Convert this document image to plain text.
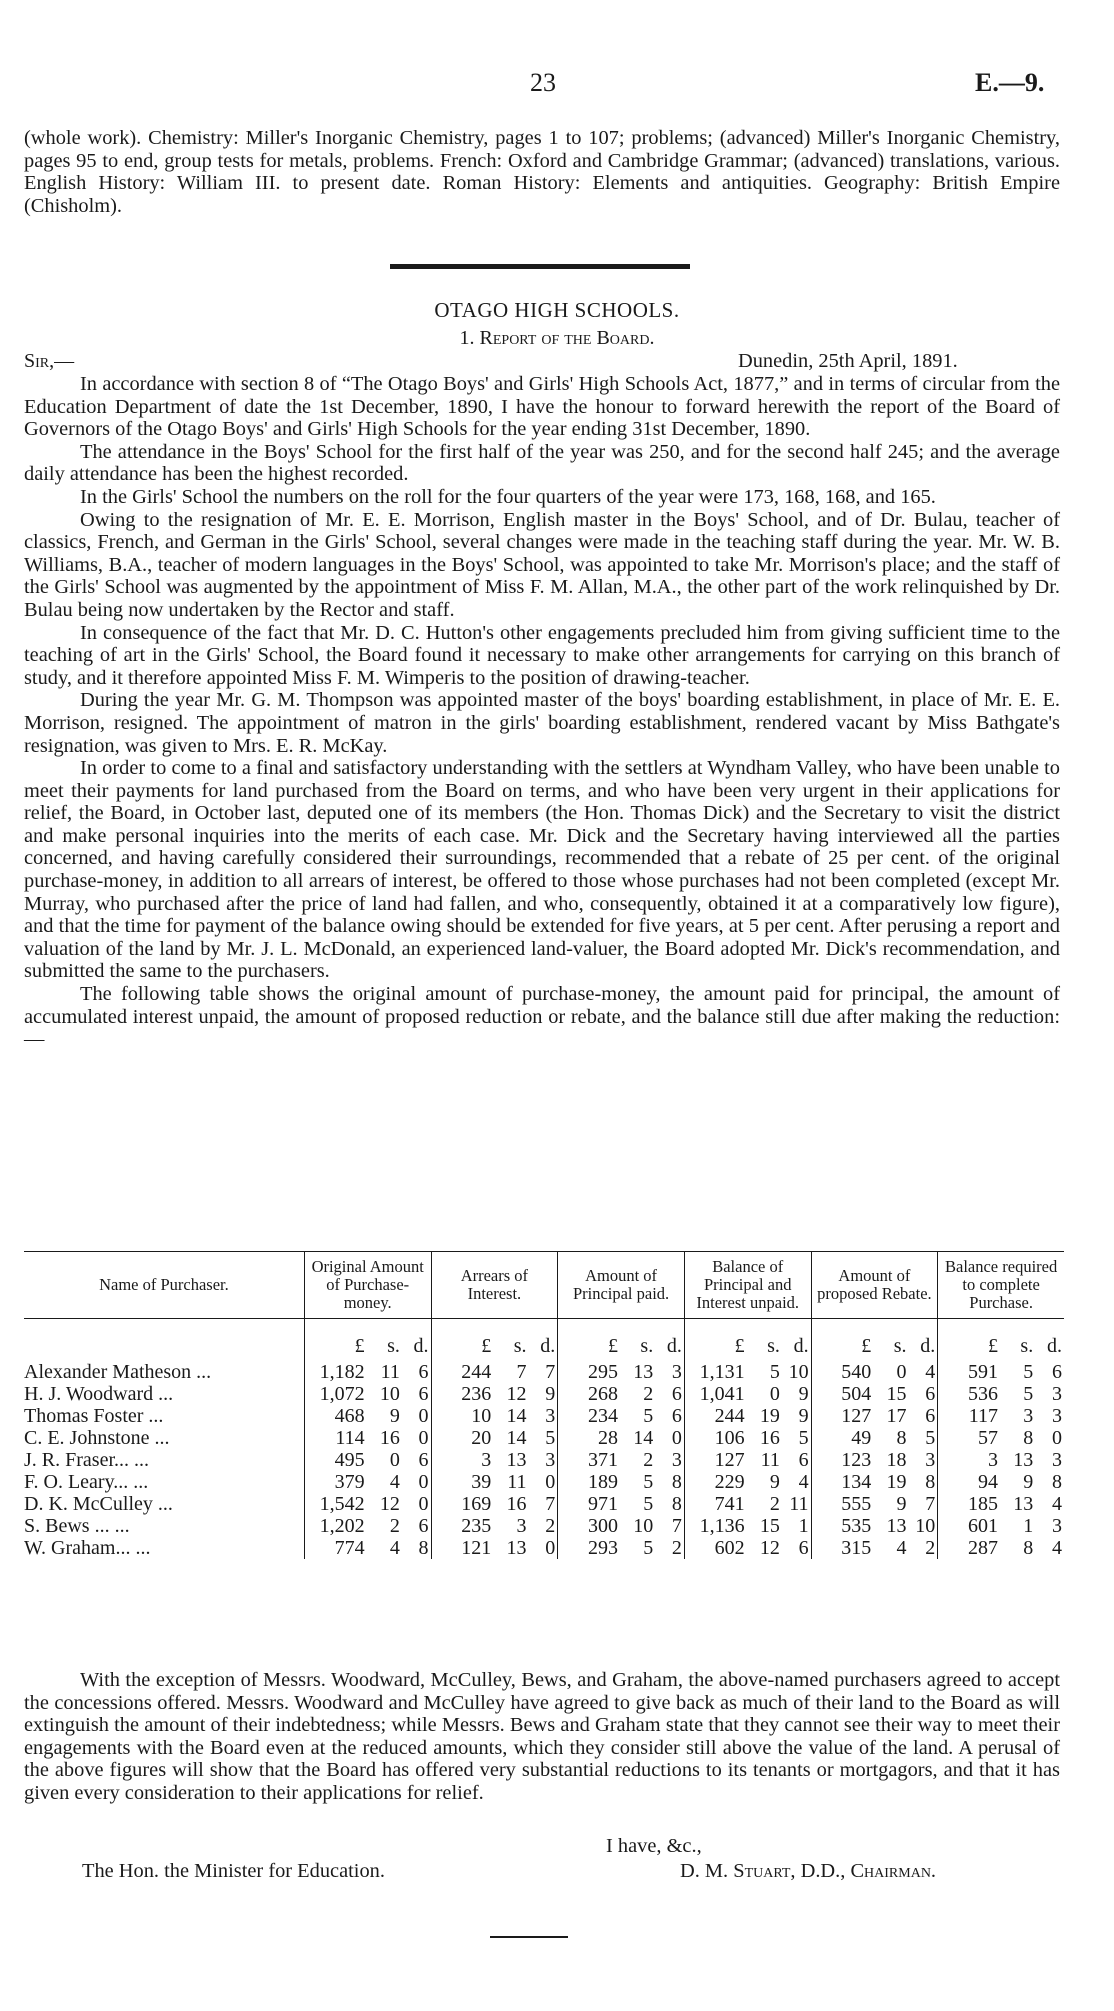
23	E.—9.

(whole work). Chemistry: Miller's Inorganic Chemistry, pages 1 to 107; problems; (advanced) Miller's Inorganic Chemistry, pages 95 to end, group tests for metals, problems. French: Oxford and Cambridge Grammar; (advanced) translations, various. English History: William III. to present date. Roman History: Elements and antiquities. Geography: British Empire (Chisholm).

OTAGO HIGH SCHOOLS.
1. Report of the Board.
Sir,—	Dunedin, 25th April, 1891.

In accordance with section 8 of “The Otago Boys' and Girls' High Schools Act, 1877,” and in terms of circular from the Education Department of date the 1st December, 1890, I have the honour to forward herewith the report of the Board of Governors of the Otago Boys' and Girls' High Schools for the year ending 31st December, 1890.

The attendance in the Boys' School for the first half of the year was 250, and for the second half 245; and the average daily attendance has been the highest recorded.

In the Girls' School the numbers on the roll for the four quarters of the year were 173, 168, 168, and 165.

Owing to the resignation of Mr. E. E. Morrison, English master in the Boys' School, and of Dr. Bulau, teacher of classics, French, and German in the Girls' School, several changes were made in the teaching staff during the year. Mr. W. B. Williams, B.A., teacher of modern languages in the Boys' School, was appointed to take Mr. Morrison's place; and the staff of the Girls' School was augmented by the appointment of Miss F. M. Allan, M.A., the other part of the work relinquished by Dr. Bulau being now undertaken by the Rector and staff.

In consequence of the fact that Mr. D. C. Hutton's other engagements precluded him from giving sufficient time to the teaching of art in the Girls' School, the Board found it necessary to make other arrangements for carrying on this branch of study, and it therefore appointed Miss F. M. Wimperis to the position of drawing-teacher.

During the year Mr. G. M. Thompson was appointed master of the boys' boarding establishment, in place of Mr. E. E. Morrison, resigned. The appointment of matron in the girls' boarding establishment, rendered vacant by Miss Bathgate's resignation, was given to Mrs. E. R. McKay.

In order to come to a final and satisfactory understanding with the settlers at Wyndham Valley, who have been unable to meet their payments for land purchased from the Board on terms, and who have been very urgent in their applications for relief, the Board, in October last, deputed one of its members (the Hon. Thomas Dick) and the Secretary to visit the district and make personal inquiries into the merits of each case. Mr. Dick and the Secretary having interviewed all the parties concerned, and having carefully considered their surroundings, recommended that a rebate of 25 per cent. of the original purchase-money, in addition to all arrears of interest, be offered to those whose purchases had not been completed (except Mr. Murray, who purchased after the price of land had fallen, and who, consequently, obtained it at a comparatively low figure), and that the time for payment of the balance owing should be extended for five years, at 5 per cent. After perusing a report and valuation of the land by Mr. J. L. McDonald, an experienced land-valuer, the Board adopted Mr. Dick's recommendation, and submitted the same to the purchasers.

The following table shows the original amount of purchase-money, the amount paid for principal, the amount of accumulated interest unpaid, the amount of proposed reduction or rebate, and the balance still due after making the reduction:—

Name of Purchaser.	Original Amount of Purchase-money.			Arrears of Interest.			Amount of Principal paid.			Balance of Principal and Interest unpaid.			Amount of proposed Rebate.			Balance required to complete Purchase.		
	£	s.	d.	£	s.	d.	£	s.	d.	£	s.	d.	£	s.	d.	£	s.	d.
Alexander Matheson ...	1,182	11	6	244	7	7	295	13	3	1,131	5	10	540	0	4	591	5	6
H. J. Woodward ...	1,072	10	6	236	12	9	268	2	6	1,041	0	9	504	15	6	536	5	3
Thomas Foster ...	468	9	0	10	14	3	234	5	6	244	19	9	127	17	6	117	3	3
C. E. Johnstone ...	114	16	0	20	14	5	28	14	0	106	16	5	49	8	5	57	8	0
J. R. Fraser... ...	495	0	6	3	13	3	371	2	3	127	11	6	123	18	3	3	13	3
F. O. Leary... ...	379	4	0	39	11	0	189	5	8	229	9	4	134	19	8	94	9	8
D. K. McCulley ...	1,542	12	0	169	16	7	971	5	8	741	2	11	555	9	7	185	13	4
S. Bews ... ...	1,202	2	6	235	3	2	300	10	7	1,136	15	1	535	13	10	601	1	3
W. Graham... ...	774	4	8	121	13	0	293	5	2	602	12	6	315	4	2	287	8	4

With the exception of Messrs. Woodward, McCulley, Bews, and Graham, the above-named purchasers agreed to accept the concessions offered. Messrs. Woodward and McCulley have agreed to give back as much of their land to the Board as will extinguish the amount of their indebtedness; while Messrs. Bews and Graham state that they cannot see their way to meet their engagements with the Board even at the reduced amounts, which they consider still above the value of the land. A perusal of the above figures will show that the Board has offered very substantial reductions to its tenants or mortgagors, and that it has given every consideration to their applications for relief.

I have, &c.,
The Hon. the Minister for Education.	D. M. Stuart, D.D., Chairman.
